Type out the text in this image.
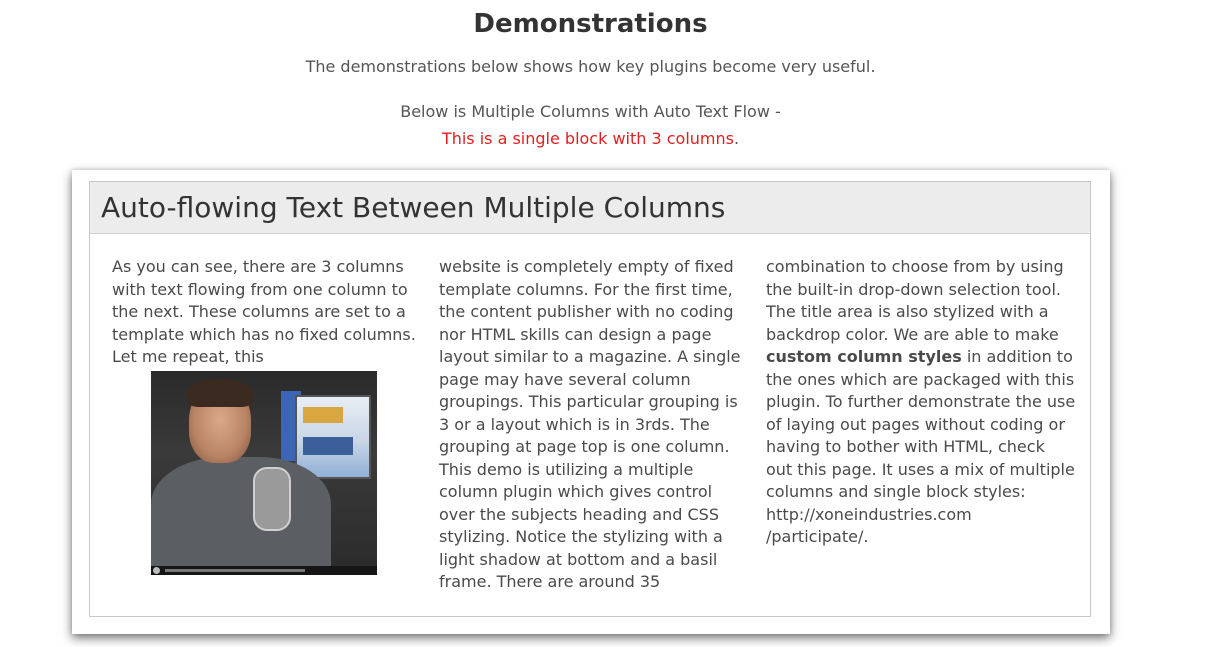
Demonstrations
The demonstrations below shows how key plugins become very useful.
Below is Multiple Columns with Auto Text Flow -
This is a single block with 3 columns.
Auto-flowing Text Between Multiple Columns

As you can see, there are 3 columns with text flowing from one column to the next. These columns are set to a template which has no fixed columns. Let me repeat, this

website is completely empty of fixed template columns. For the first time, the content publisher with no coding nor HTML skills can design a page layout similar to a magazine. A single page may have several column groupings. This particular grouping is 3 or a layout which is in 3rds. The grouping at page top is one column. This demo is utilizing a multiple column plugin which gives control over the subjects heading and CSS stylizing. Notice the stylizing with a light shadow at bottom and a basil frame. There are around 35

combination to choose from by using the built-in drop-down selection tool. The title area is also stylized with a backdrop color. We are able to make custom column styles in addition to the ones which are packaged with this plugin. To further demonstrate the use of laying out pages without coding or having to bother with HTML, check out this page. It uses a mix of multiple columns and single block styles:

http://xoneindustries.com
/participate/.
